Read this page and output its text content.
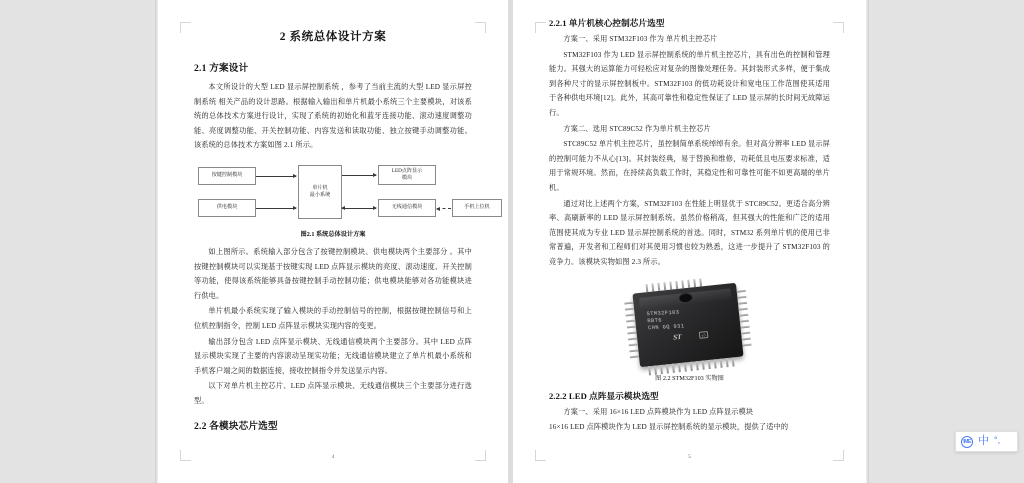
2 系统总体设计方案
2.1 方案设计

本文所设计的大型 LED 显示屏控制系统 ，参考了当前主流的大型 LED 显示屏控制系统 相关产品的设计思路。根据输入输出和单片机最小系统三个主要模块，对该系统的总体技术方案进行设计，实现了系统的初始化和蓝牙连接功能、滚动速度调整功能、亮度调整功能、开关控制功能、内容发送和读取功能、独立按键手动调整功能。该系统的总体技术方案如图 2.1 所示。

按键控制模块
供电模块
单片机
最小系统
LED点阵显示
模块
无线通信模块	手机上位机
图2.1 系统总体设计方案

如上图所示。系统输入部分包含了按键控制模块、供电模块两个主要部分 。其中按键控制模块可以实现基于按键实现 LED 点阵显示模块的亮度、滚动速度、开关控制等功能，使得该系统能够具备按键控制手动控制功能；供电模块能够对各功能模块进行供电。

单片机最小系统实现了输入模块的手动控制信号的控制，根据按键控制信号和上位机控制指令，控制 LED 点阵显示模块实现内容的变更。

输出部分包含 LED 点阵显示模块、无线通信模块两个主要部分。其中 LED 点阵显示模块实现了主要的内容滚动呈现实功能；无线通信模块建立了单片机最小系统和手机客户端之间的数据连接，接收控制指令并发送显示内容。

以下对单片机主控芯片、LED 点阵显示模块、无线通信模块三个主要部分进行选型。

2.2 各模块芯片选型
4
2.2.1 单片机核心控制芯片选型

方案一、采用 STM32F103 作为 单片机主控芯片

STM32F103 作为 LED 显示屏控制系统的单片机主控芯片，具有出色的控制和管理能力。其强大的运算能力可轻松应对复杂的图像处理任务。其封装形式多样，便于集成到各种尺寸的显示屏控制板中。STM32F103 的低功耗设计和宽电压工作范围使其适用于各种供电环境[12]。此外，其高可靠性和稳定性保证了 LED 显示屏的长时间无故障运行。

方案二、选用 STC89C52 作为单片机主控芯片

STC89C52 单片机主控芯片，虽控制简单系统绰绰有余。但对高分辨率 LED 显示屏的控制可能力不从心[13]。其封装经典，易于替换和维修，功耗低且电压要求标准，适用于常规环境。然而，在持续高负载工作时，其稳定性和可靠性可能不如更高端的单片机。

通过对比上述两个方案，STM32F103 在性能上明显优于 STC89C52。更适合高分辨率、高刷新率的 LED 显示屏控制系统。虽然价格稍高，但其强大的性能和广泛的适用范围使其成为专业 LED 显示屏控制系统的首选。同时，STM32 系列单片机的使用已非常普遍，开发者和工程师们对其使用习惯也较为熟悉，这进一步提升了 STM32F103 的竞争力。该模块实物如图 2.3 所示。

STM32F103
RBT6
CHN GQ 931
ST	e3
图 2.2 STM32F103 实物图
2.2.2 LED 点阵显示模块选型

方案一、采用 16×16 LED 点阵模块作为 LED 点阵显示模块

16×16 LED 点阵模块作为 LED 显示屏控制系统的显示模块，提供了适中的

5
IME 中 °,
